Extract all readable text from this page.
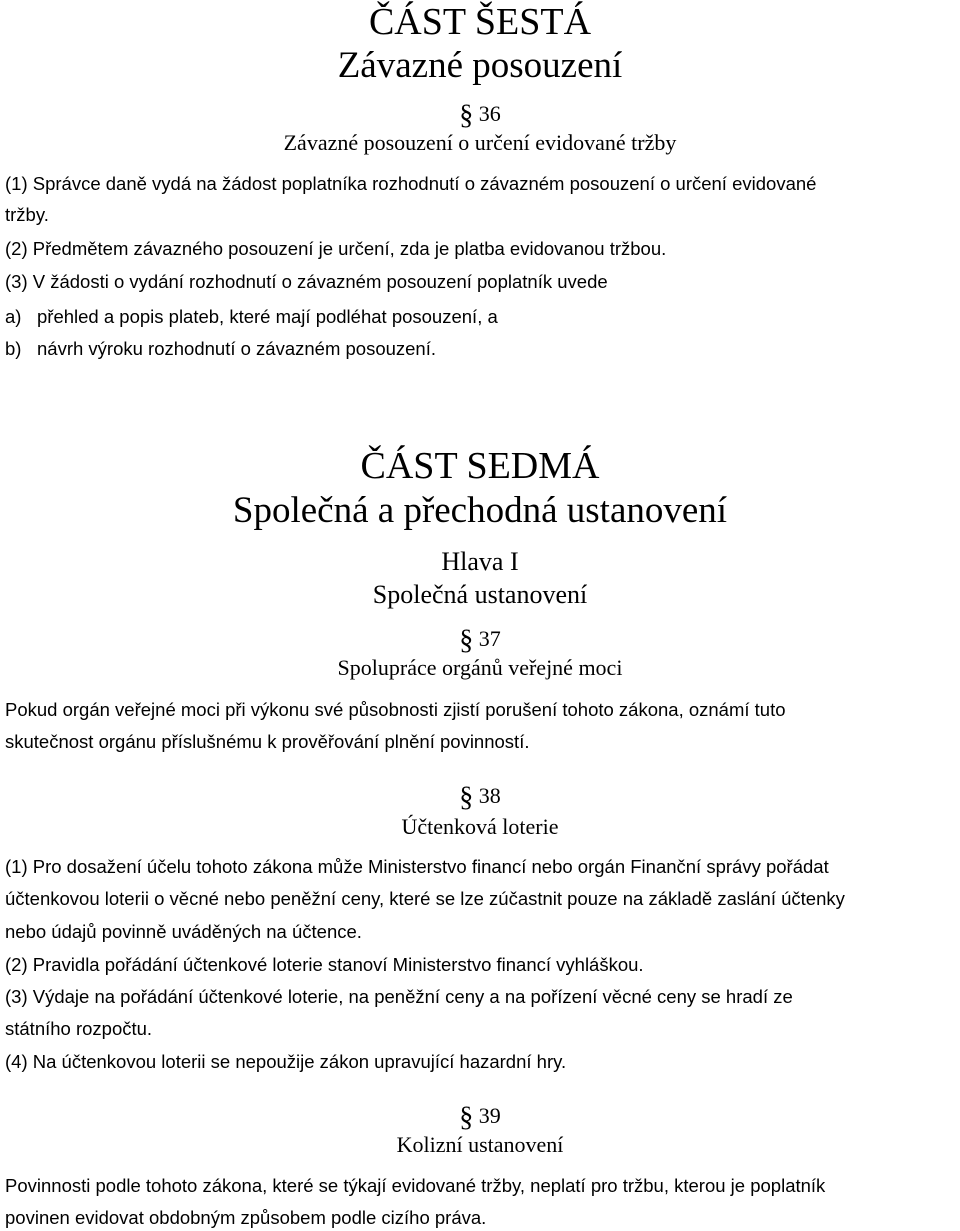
ČÁST ŠESTÁ
Závazné posouzení
§ 36
Závazné posouzení o určení evidované tržby
(1) Správce daně vydá na žádost poplatníka rozhodnutí o závazném posouzení o určení evidované
tržby.
(2) Předmětem závazného posouzení je určení, zda je platba evidovanou tržbou.
(3) V žádosti o vydání rozhodnutí o závazném posouzení poplatník uvede
a) přehled a popis plateb, které mají podléhat posouzení, a
b) návrh výroku rozhodnutí o závazném posouzení.
ČÁST SEDMÁ
Společná a přechodná ustanovení
Hlava I
Společná ustanovení
§ 37
Spolupráce orgánů veřejné moci
Pokud orgán veřejné moci při výkonu své působnosti zjistí porušení tohoto zákona, oznámí tuto
skutečnost orgánu příslušnému k prověřování plnění povinností.
§ 38
Účtenková loterie
(1) Pro dosažení účelu tohoto zákona může Ministerstvo financí nebo orgán Finanční správy pořádat
účtenkovou loterii o věcné nebo peněžní ceny, které se lze zúčastnit pouze na základě zaslání účtenky
nebo údajů povinně uváděných na účtence.
(2) Pravidla pořádání účtenkové loterie stanoví Ministerstvo financí vyhláškou.
(3) Výdaje na pořádání účtenkové loterie, na peněžní ceny a na pořízení věcné ceny se hradí ze
státního rozpočtu.
(4) Na účtenkovou loterii se nepoužije zákon upravující hazardní hry.
§ 39
Kolizní ustanovení
Povinnosti podle tohoto zákona, které se týkají evidované tržby, neplatí pro tržbu, kterou je poplatník
povinen evidovat obdobným způsobem podle cizího práva.
